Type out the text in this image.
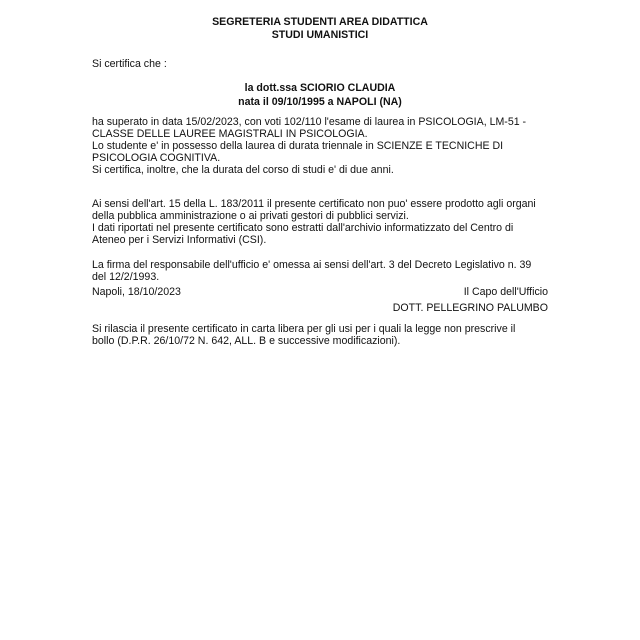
SEGRETERIA STUDENTI AREA DIDATTICA
STUDI UMANISTICI
Si certifica che :
la dott.ssa SCIORIO CLAUDIA
nata il 09/10/1995 a NAPOLI (NA)
ha superato in data 15/02/2023, con voti 102/110 l'esame di laurea in PSICOLOGIA, LM-51 -
CLASSE DELLE LAUREE MAGISTRALI IN PSICOLOGIA.
Lo studente e' in possesso della laurea di durata triennale in SCIENZE E TECNICHE DI
PSICOLOGIA COGNITIVA.
Si certifica, inoltre, che la durata del corso di studi e' di due anni.
Ai sensi dell'art. 15 della L. 183/2011 il presente certificato non puo' essere prodotto agli organi
della pubblica amministrazione o ai privati gestori di pubblici servizi.
I dati riportati nel presente certificato sono estratti dall'archivio informatizzato del Centro di
Ateneo per i Servizi Informativi (CSI).
La firma del responsabile dell'ufficio e' omessa ai sensi dell'art. 3 del Decreto Legislativo n. 39
del 12/2/1993.
Napoli, 18/10/2023	Il Capo dell'Ufficio
DOTT. PELLEGRINO PALUMBO
Si rilascia il presente certificato in carta libera per gli usi per i quali la legge non prescrive il
bollo (D.P.R. 26/10/72 N. 642, ALL. B e successive modificazioni).
